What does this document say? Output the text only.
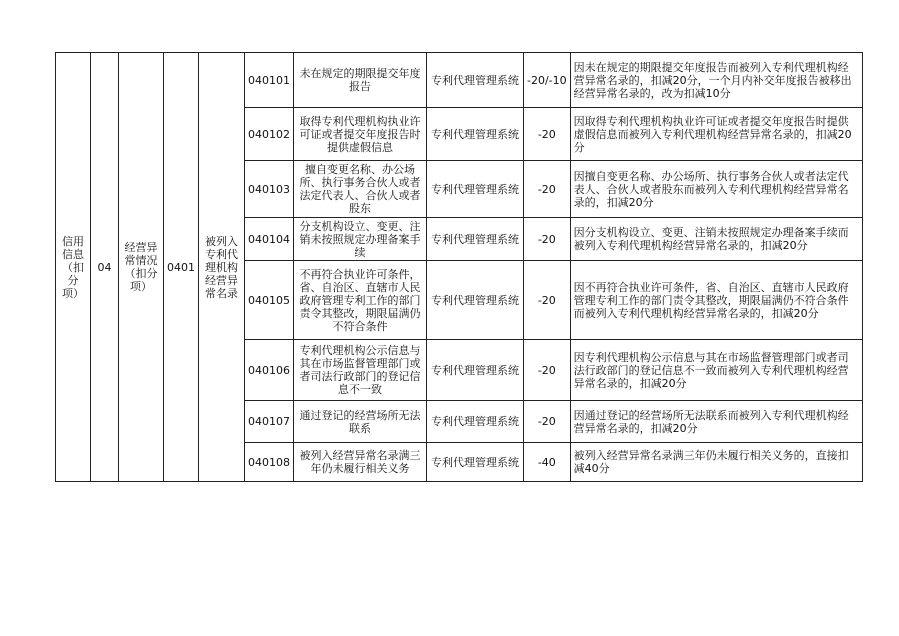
信用信息（扣分项）	04	经营异常情况（扣分项）	0401	被列入专利代理机构经营异常名录	040101	未在规定的期限提交年度报告	专利代理管理系统	-20/-10	因未在规定的期限提交年度报告而被列入专利代理机构经营异常名录的，扣减20分，一个月内补交年度报告被移出经营异常名录的，改为扣减10分
					040102	取得专利代理机构执业许可证或者提交年度报告时提供虚假信息	专利代理管理系统	-20	因取得专利代理机构执业许可证或者提交年度报告时提供虚假信息而被列入专利代理机构经营异常名录的，扣减20分
					040103	擅自变更名称、办公场所、执行事务合伙人或者法定代表人、合伙人或者股东	专利代理管理系统	-20	因擅自变更名称、办公场所、执行事务合伙人或者法定代表人、合伙人或者股东而被列入专利代理机构经营异常名录的，扣减20分
					040104	分支机构设立、变更、注销未按照规定办理备案手续	专利代理管理系统	-20	因分支机构设立、变更、注销未按照规定办理备案手续而被列入专利代理机构经营异常名录的，扣减20分
					040105	不再符合执业许可条件，省、自治区、直辖市人民政府管理专利工作的部门责令其整改，期限届满仍不符合条件	专利代理管理系统	-20	因不再符合执业许可条件，省、自治区、直辖市人民政府管理专利工作的部门责令其整改，期限届满仍不符合条件而被列入专利代理机构经营异常名录的，扣减20分
					040106	专利代理机构公示信息与其在市场监督管理部门或者司法行政部门的登记信息不一致	专利代理管理系统	-20	因专利代理机构公示信息与其在市场监督管理部门或者司法行政部门的登记信息不一致而被列入专利代理机构经营异常名录的，扣减20分
					040107	通过登记的经营场所无法联系	专利代理管理系统	-20	因通过登记的经营场所无法联系而被列入专利代理机构经营异常名录的，扣减20分
					040108	被列入经营异常名录满三年仍未履行相关义务	专利代理管理系统	-40	被列入经营异常名录满三年仍未履行相关义务的，直接扣减40分
